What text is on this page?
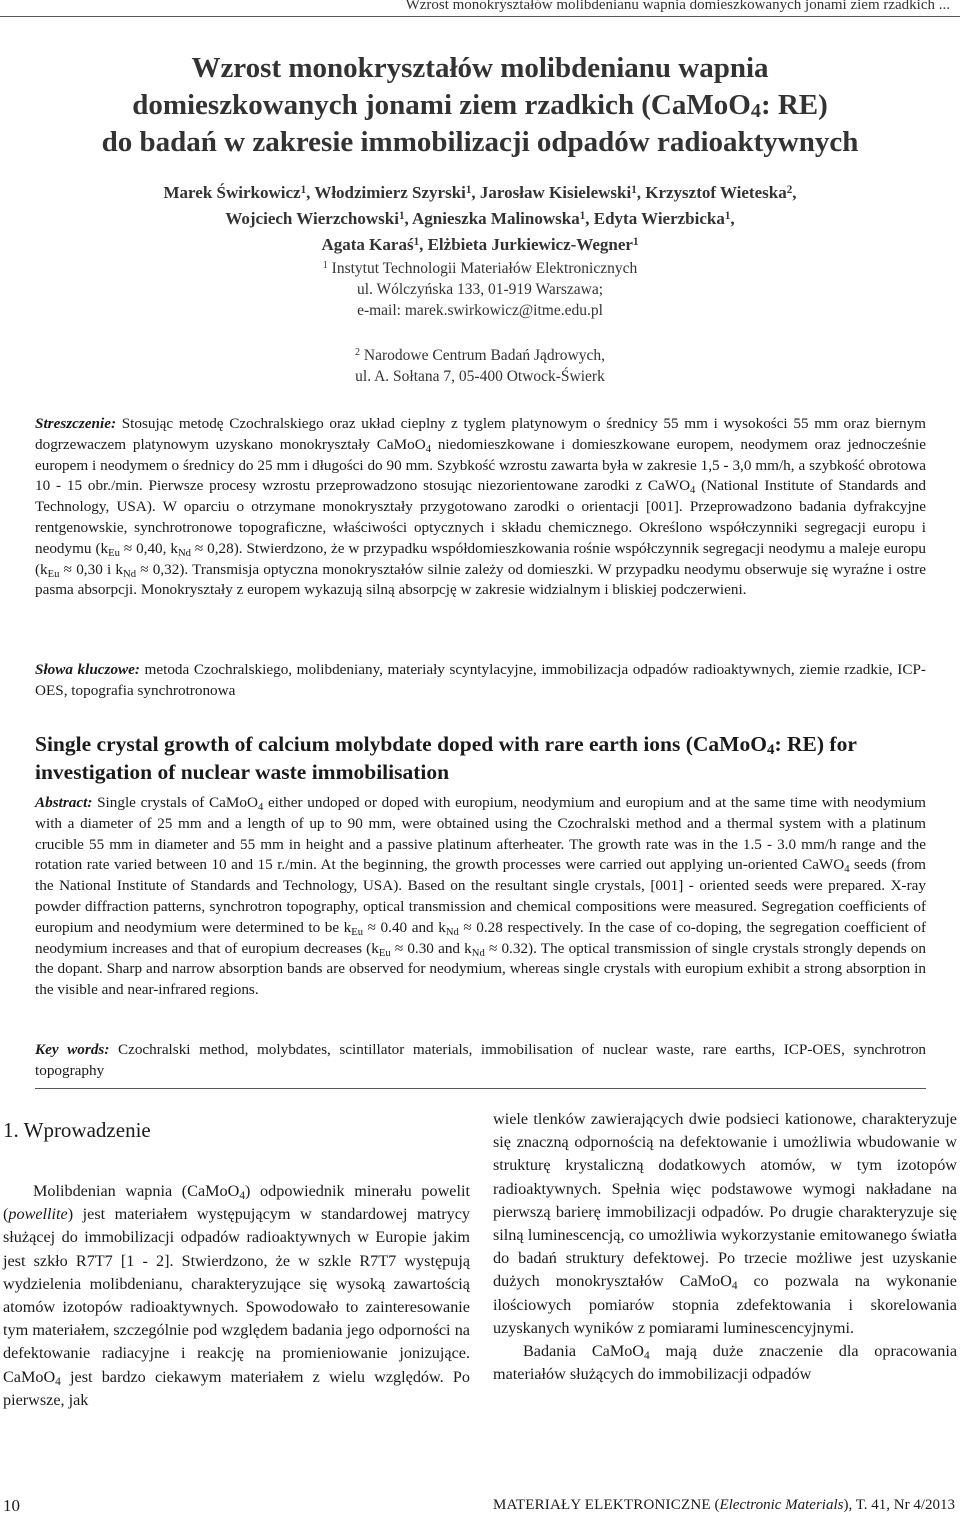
Wzrost monokryształów molibdenianu wapnia domieszkowanych jonami ziem rzadkich ...
Wzrost monokryształów molibdenianu wapnia
domieszkowanych jonami ziem rzadkich (CaMoO$_4$: RE)
do badań w zakresie immobilizacji odpadów radioaktywnych
Marek Świrkowicz$^1$, Włodzimierz Szyrski$^1$, Jarosław Kisielewski$^1$, Krzysztof Wieteska$^2$,
Wojciech Wierzchowski$^1$, Agnieszka Malinowska$^1$, Edyta Wierzbicka$^1$,
Agata Karaś$^1$, Elżbieta Jurkiewicz-Wegner$^1$
$^1$ Instytut Technologii Materiałów Elektronicznych
ul. Wólczyńska 133, 01-919 Warszawa;
e-mail: marek.swirkowicz@itme.edu.pl
$^2$ Narodowe Centrum Badań Jądrowych,
ul. A. Sołtana 7, 05-400 Otwock-Świerk
Streszczenie: Stosując metodę Czochralskiego oraz układ cieplny z tyglem platynowym o średnicy 55 mm i wysokości 55 mm oraz biernym dogrzewaczem platynowym uzyskano monokryształy CaMoO$_4$ niedomieszkowane i domieszkowane europem, neodymem oraz jednocześnie europem i neodymem o średnicy do 25 mm i długości do 90 mm. Szybkość wzrostu zawarta była w zakresie 1,5 - 3,0 mm/h, a szybkość obrotowa 10 - 15 obr./min. Pierwsze procesy wzrostu przeprowadzono stosując niezorientowane zarodki z CaWO$_4$ (National Institute of Standards and Technology, USA). W oparciu o otrzymane monokryształy przygotowano zarodki o orientacji [001]. Przeprowadzono badania dyfrakcyjne rentgenowskie, synchrotronowe topograficzne, właściwości optycznych i składu chemicznego. Określono współczynniki segregacji europu i neodymu ($k_{Eu} \approx 0,40$, $k_{Nd} \approx 0,28$). Stwierdzono, że w przypadku współdomieszkowania rośnie współczynnik segregacji neodymu a maleje europu ($k_{Eu} \approx 0,30$ i $k_{Nd} \approx 0,32$). Transmisja optyczna monokryształów silnie zależy od domieszki. W przypadku neodymu obserwuje się wyraźne i ostre pasma absorpcji. Monokryształy z europem wykazują silną absorpcję w zakresie widzialnym i bliskiej podczerwieni.
Słowa kluczowe: metoda Czochralskiego, molibdeniany, materiały scyntylacyjne, immobilizacja odpadów radioaktywnych, ziemie rzadkie, ICP-OES, topografia synchrotronowa
Single crystal growth of calcium molybdate doped with rare earth ions (CaMoO$_4$: RE) for investigation of nuclear waste immobilisation
Abstract: Single crystals of CaMoO$_4$ either undoped or doped with europium, neodymium and europium and at the same time with neodymium with a diameter of 25 mm and a length of up to 90 mm, were obtained using the Czochralski method and a thermal system with a platinum crucible 55 mm in diameter and 55 mm in height and a passive platinum afterheater. The growth rate was in the 1.5 - 3.0 mm/h range and the rotation rate varied between 10 and 15 r./min. At the beginning, the growth processes were carried out applying un-oriented CaWO$_4$ seeds (from the National Institute of Standards and Technology, USA). Based on the resultant single crystals, [001] - oriented seeds were prepared. X-ray powder diffraction patterns, synchrotron topography, optical transmission and chemical compositions were measured. Segregation coefficients of europium and neodymium were determined to be $k_{Eu} \approx 0.40$ and $k_{Nd} \approx 0.28$ respectively. In the case of co-doping, the segregation coefficient of neodymium increases and that of europium decreases ($k_{Eu} \approx 0.30$ and $k_{Nd} \approx 0.32$). The optical transmission of single crystals strongly depends on the dopant. Sharp and narrow absorption bands are observed for neodymium, whereas single crystals with europium exhibit a strong absorption in the visible and near-infrared regions.
Key words: Czochralski method, molybdates, scintillator materials, immobilisation of nuclear waste, rare earths, ICP-OES, synchrotron topography
1. Wprowadzenie
Molibdenian wapnia (CaMoO$_4$) odpowiednik minerału powelit (powellite) jest materiałem występującym w standardowej matrycy służącej do immobilizacji odpadów radioaktywnych w Europie jakim jest szkło R7T7 [1 - 2]. Stwierdzono, że w szkle R7T7 występują wydzielenia molibdenianu, charakteryzujące się wysoką zawartością atomów izotopów radioaktywnych. Spowodowało to zainteresowanie tym materiałem, szczególnie pod względem badania jego odporności na defektowanie radiacyjne i reakcję na promieniowanie jonizujące. CaMoO$_4$ jest bardzo ciekawym materiałem z wielu względów. Po pierwsze, jak
wiele tlenków zawierających dwie podsieci kationowe, charakteryzuje się znaczną odpornością na defektowanie i umożliwia wbudowanie w strukturę krystaliczną dodatkowych atomów, w tym izotopów radioaktywnych. Spełnia więc podstawowe wymogi nakładane na pierwszą barierę immobilizacji odpadów. Po drugie charakteryzuje się silną luminescencją, co umożliwia wykorzystanie emitowanego światła do badań struktury defektowej. Po trzecie możliwe jest uzyskanie dużych monokryształów CaMoO$_4$ co pozwala na wykonanie ilościowych pomiarów stopnia zdefektowania i skorelowania uzyskanych wyników z pomiarami luminescencyjnymi.
Badania CaMoO$_4$ mają duże znaczenie dla opracowania materiałów służących do immobilizacji odpadów
10	MATERIAŁY ELEKTRONICZNE (Electronic Materials), T. 41, Nr 4/2013
